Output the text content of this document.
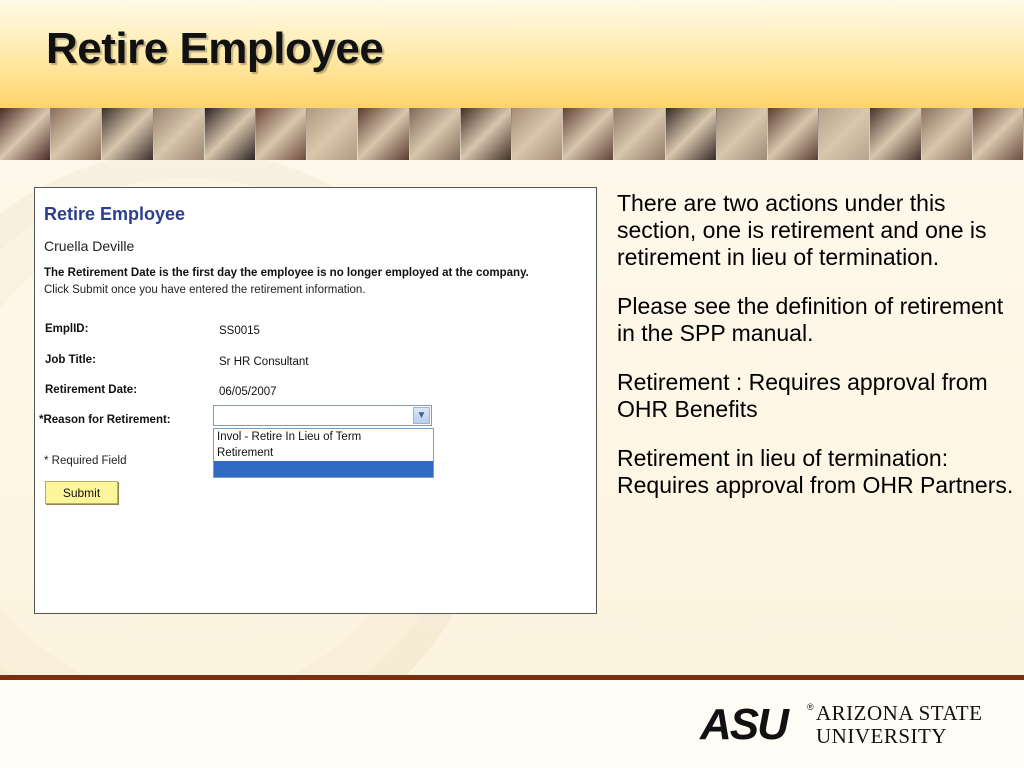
Retire Employee
Retire Employee
Cruella Deville
The Retirement Date is the first day the employee is no longer employed at the company.
Click Submit once you have entered the retirement information.
EmplID:	SS0015
Job Title:	Sr HR Consultant
Retirement Date:	06/05/2007
*Reason for Retirement:	▼
Invol - Retire In Lieu of Term
Retirement
* Required Field
Submit

There are two actions under this section, one is retirement and one is retirement in lieu of termination.

Please see the definition of retirement in the SPP manual.

Retirement : Requires approval from OHR Benefits

Retirement in lieu of termination: Requires approval from OHR Partners.

ASU ® ARIZONA STATE
UNIVERSITY
